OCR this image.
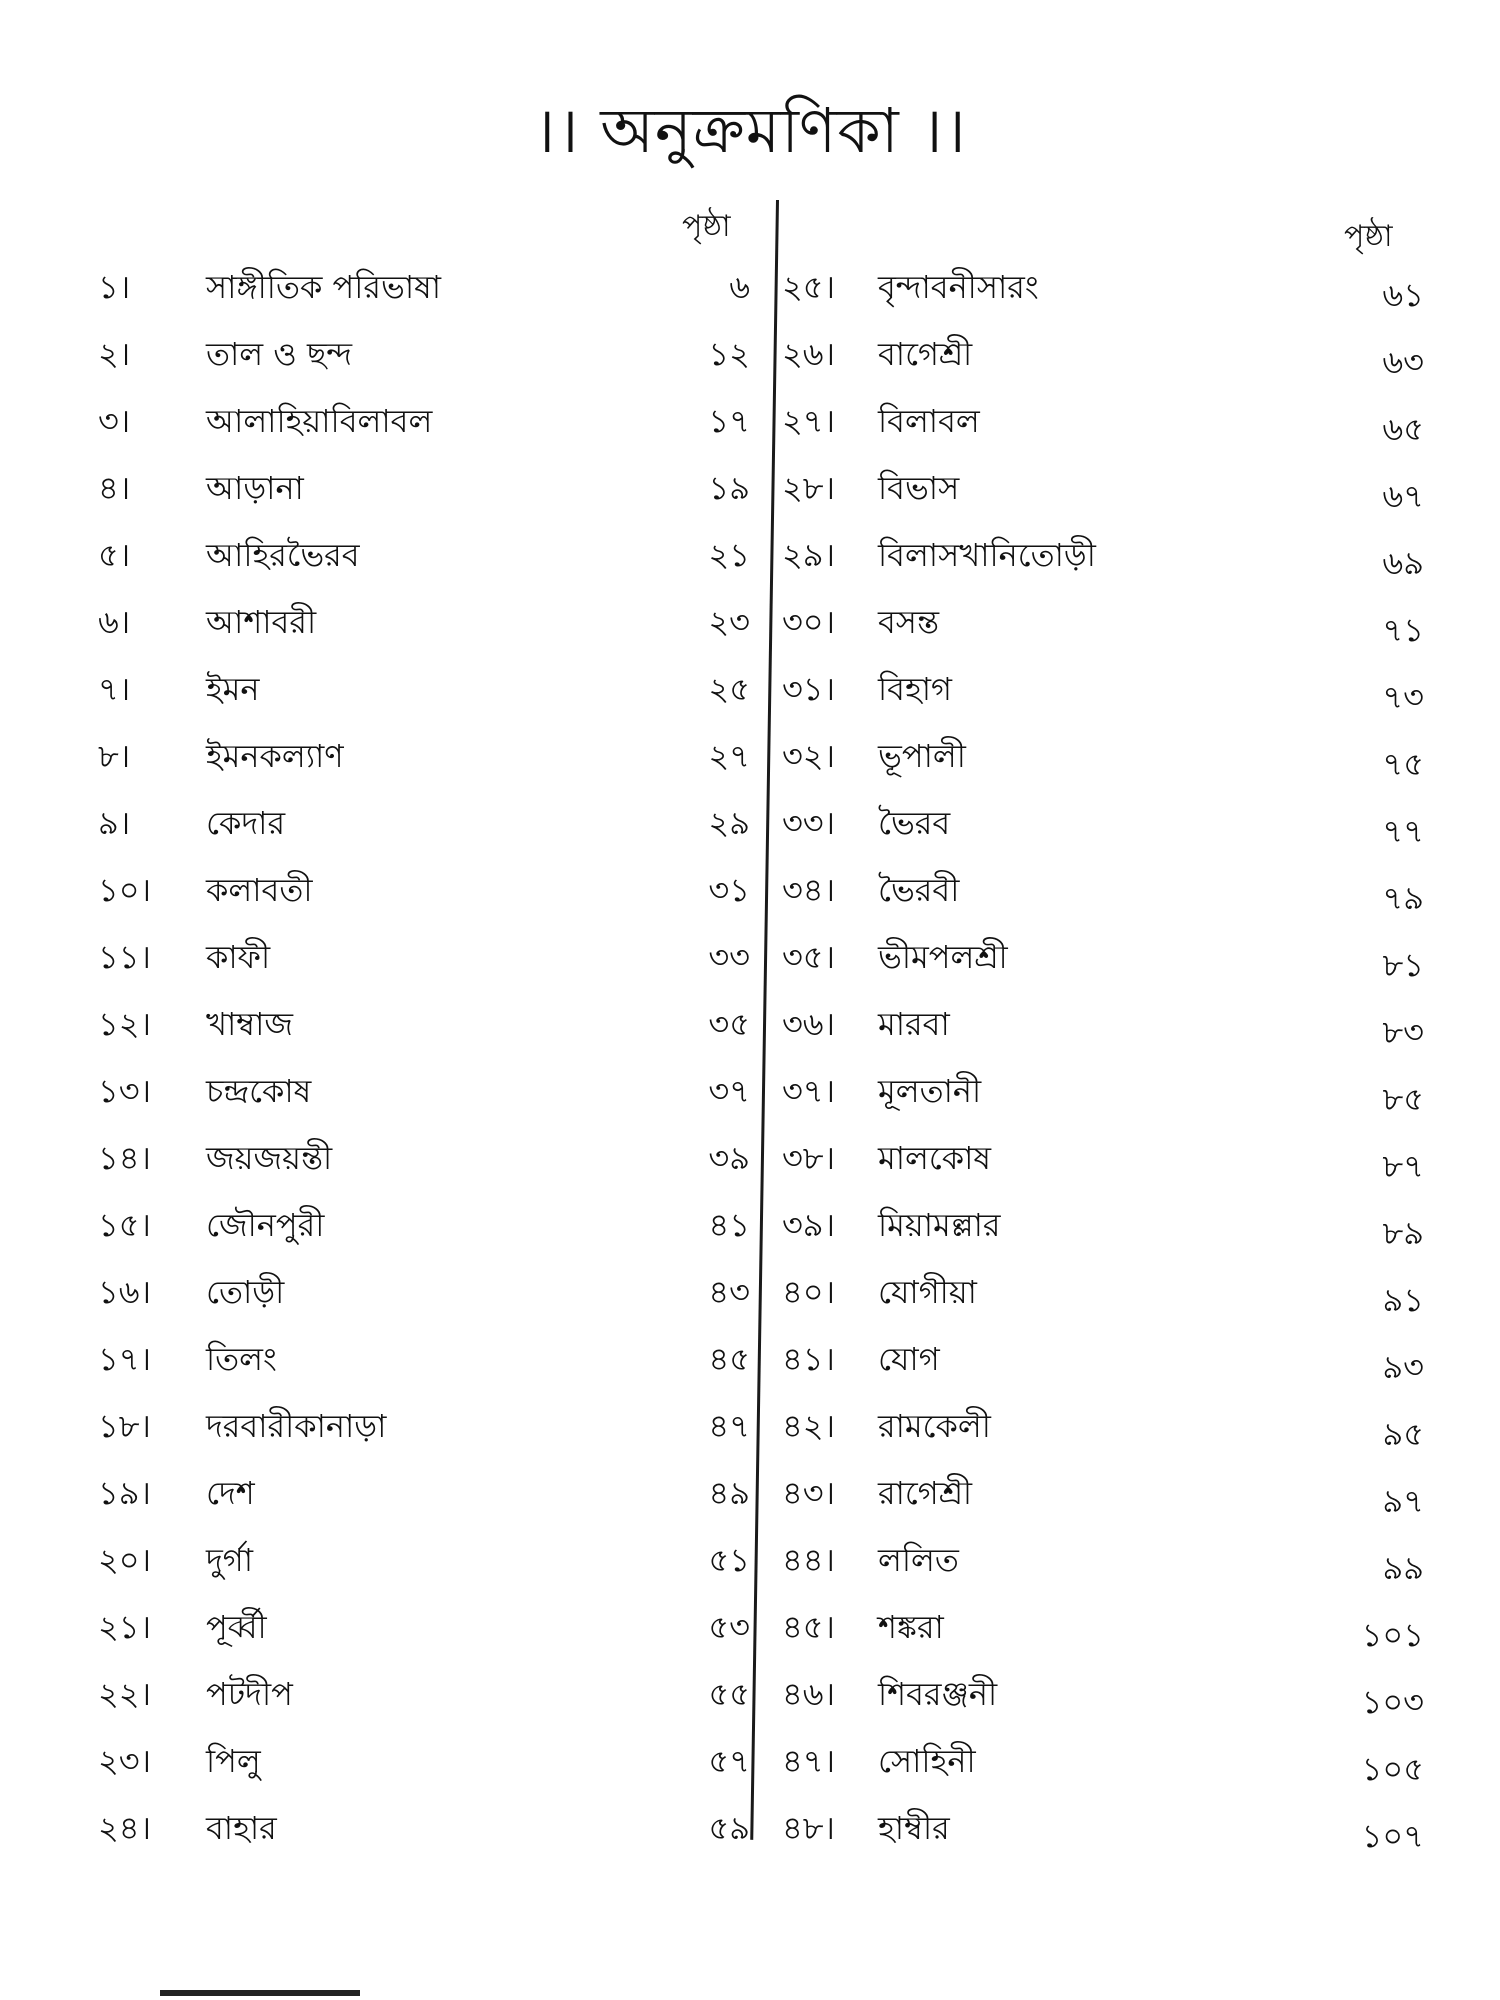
।। অনুক্রমণিকা ।।
পৃষ্ঠা	পৃষ্ঠা
১। সাঙ্গীতিক পরিভাষা	৬
২। তাল ও ছন্দ	১২
৩। আলাহিয়াবিলাবল	১৭
৪। আড়ানা	১৯
৫। আহিরভৈরব	২১
৬। আশাবরী	২৩
৭। ইমন	২৫
৮। ইমনকল্যাণ	২৭
৯। কেদার	২৯
১০। কলাবতী	৩১
১১। কাফী	৩৩
১২। খাম্বাজ	৩৫
১৩। চন্দ্রকোষ	৩৭
১৪। জয়জয়ন্তী	৩৯
১৫। জৌনপুরী	৪১
১৬। তোড়ী	৪৩
১৭। তিলং	৪৫
১৮। দরবারীকানাড়া	৪৭
১৯। দেশ	৪৯
২০। দুর্গা	৫১
২১। পূর্ব্বী	৫৩
২২। পটদীপ	৫৫
২৩। পিলু	৫৭
২৪। বাহার	৫৯
২৫। বৃন্দাবনীসারং	৬১
২৬। বাগেশ্রী	৬৩
২৭। বিলাবল	৬৫
২৮। বিভাস	৬৭
২৯। বিলাসখানিতোড়ী	৬৯
৩০। বসন্ত	৭১
৩১। বিহাগ	৭৩
৩২। ভূপালী	৭৫
৩৩। ভৈরব	৭৭
৩৪। ভৈরবী	৭৯
৩৫। ভীমপলশ্রী	৮১
৩৬। মারবা	৮৩
৩৭। মূলতানী	৮৫
৩৮। মালকোষ	৮৭
৩৯। মিয়ামল্লার	৮৯
৪০। যোগীয়া	৯১
৪১। যোগ	৯৩
৪২। রামকেলী	৯৫
৪৩। রাগেশ্রী	৯৭
৪৪। ললিত	৯৯
৪৫। শঙ্করা	১০১
৪৬। শিবরঞ্জনী	১০৩
৪৭। সোহিনী	১০৫
৪৮। হাম্বীর	১০৭
